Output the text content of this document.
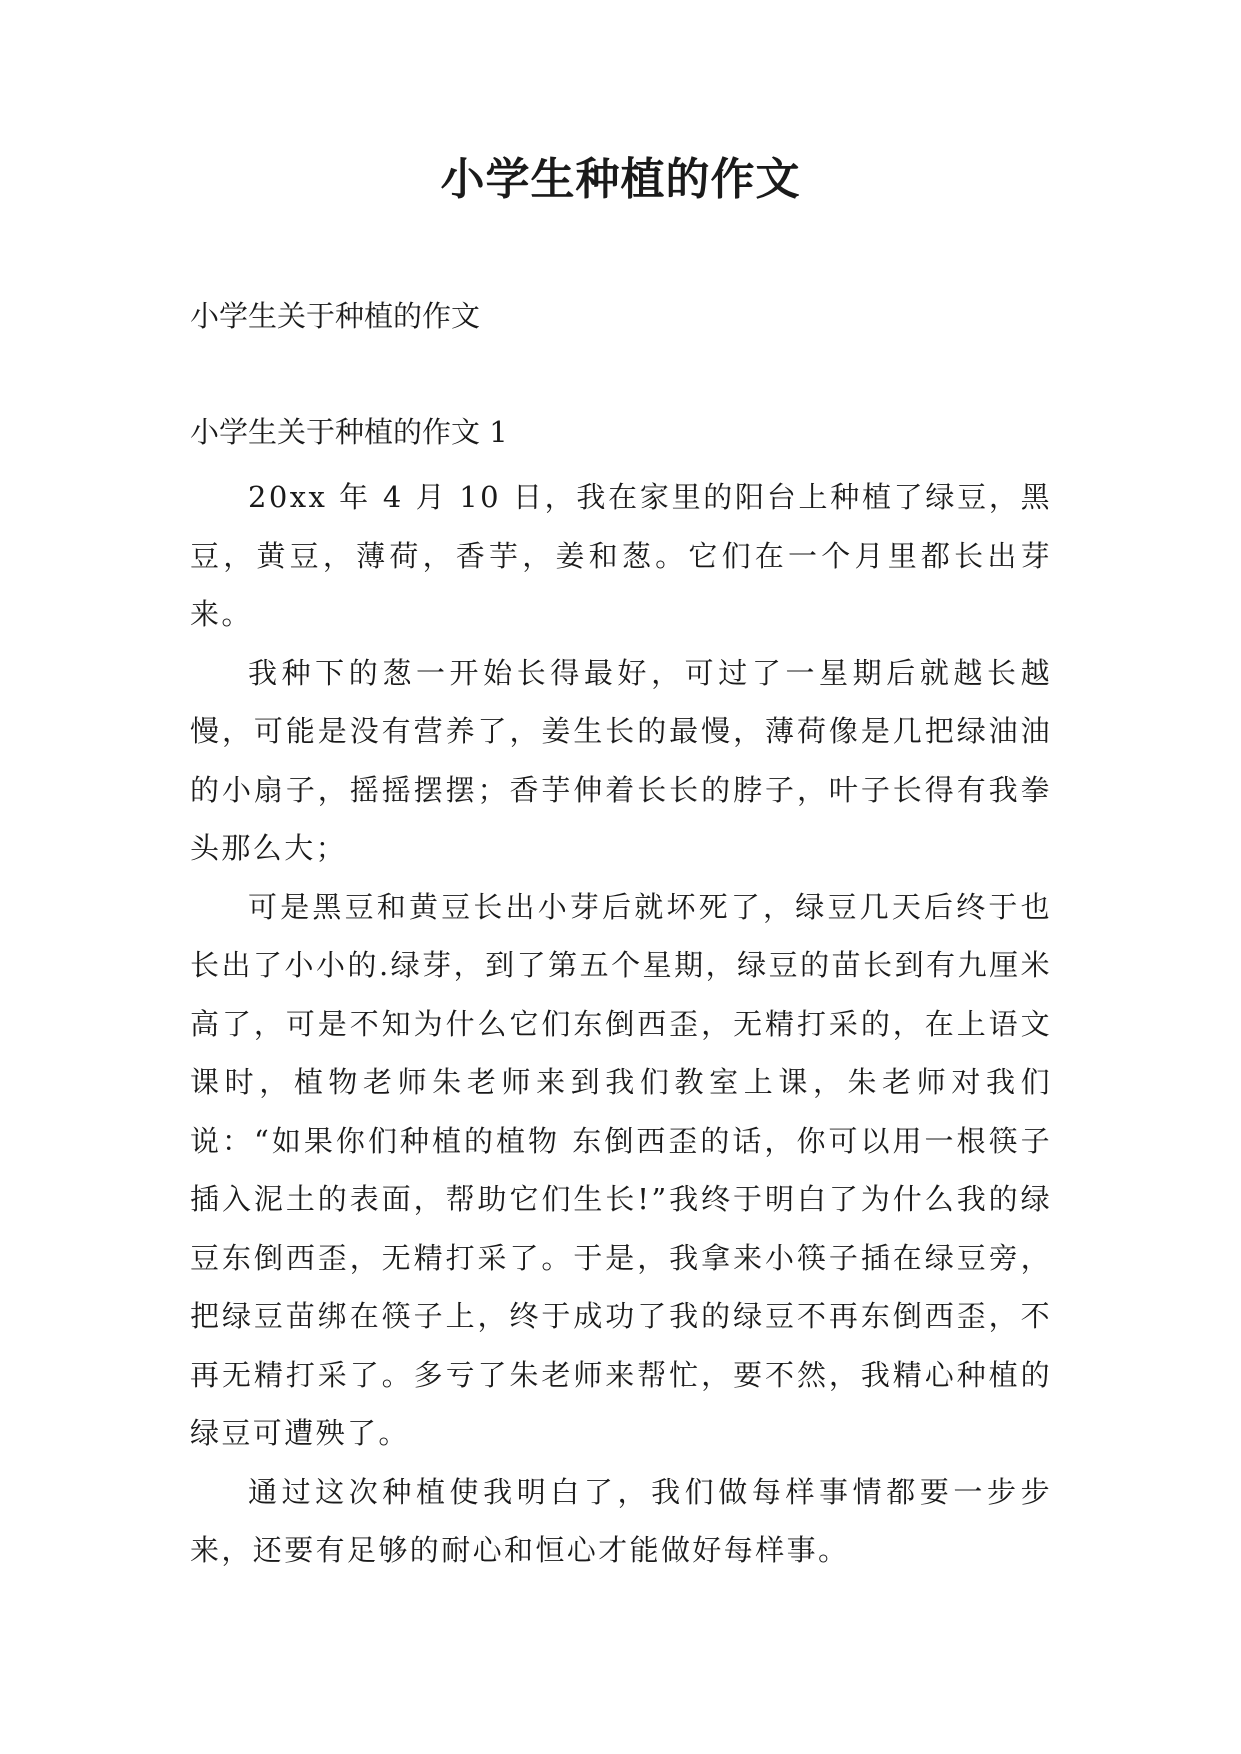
小学生种植的作文

小学生关于种植的作文

小学生关于种植的作文 1

20xx 年 4 月 10 日，我在家里的阳台上种植了绿豆，黑豆，黄豆，薄荷，香芋，姜和葱。它们在一个月里都长出芽来。

我种下的葱一开始长得最好，可过了一星期后就越长越慢，可能是没有营养了，姜生长的最慢，薄荷像是几把绿油油的小扇子，摇摇摆摆；香芋伸着长长的脖子，叶子长得有我拳头那么大；

可是黑豆和黄豆长出小芽后就坏死了，绿豆几天后终于也长出了小小的.绿芽，到了第五个星期，绿豆的苗长到有九厘米高了，可是不知为什么它们东倒西歪，无精打采的，在上语文课时，植物老师朱老师来到我们教室上课，朱老师对我们说：“如果你们种植的植物 东倒西歪的话，你可以用一根筷子插入泥土的表面，帮助它们生长!”我终于明白了为什么我的绿豆东倒西歪，无精打采了。于是，我拿来小筷子插在绿豆旁，把绿豆苗绑在筷子上，终于成功了我的绿豆不再东倒西歪，不再无精打采了。多亏了朱老师来帮忙，要不然，我精心种植的绿豆可遭殃了。

通过这次种植使我明白了，我们做每样事情都要一步步来，还要有足够的耐心和恒心才能做好每样事。
